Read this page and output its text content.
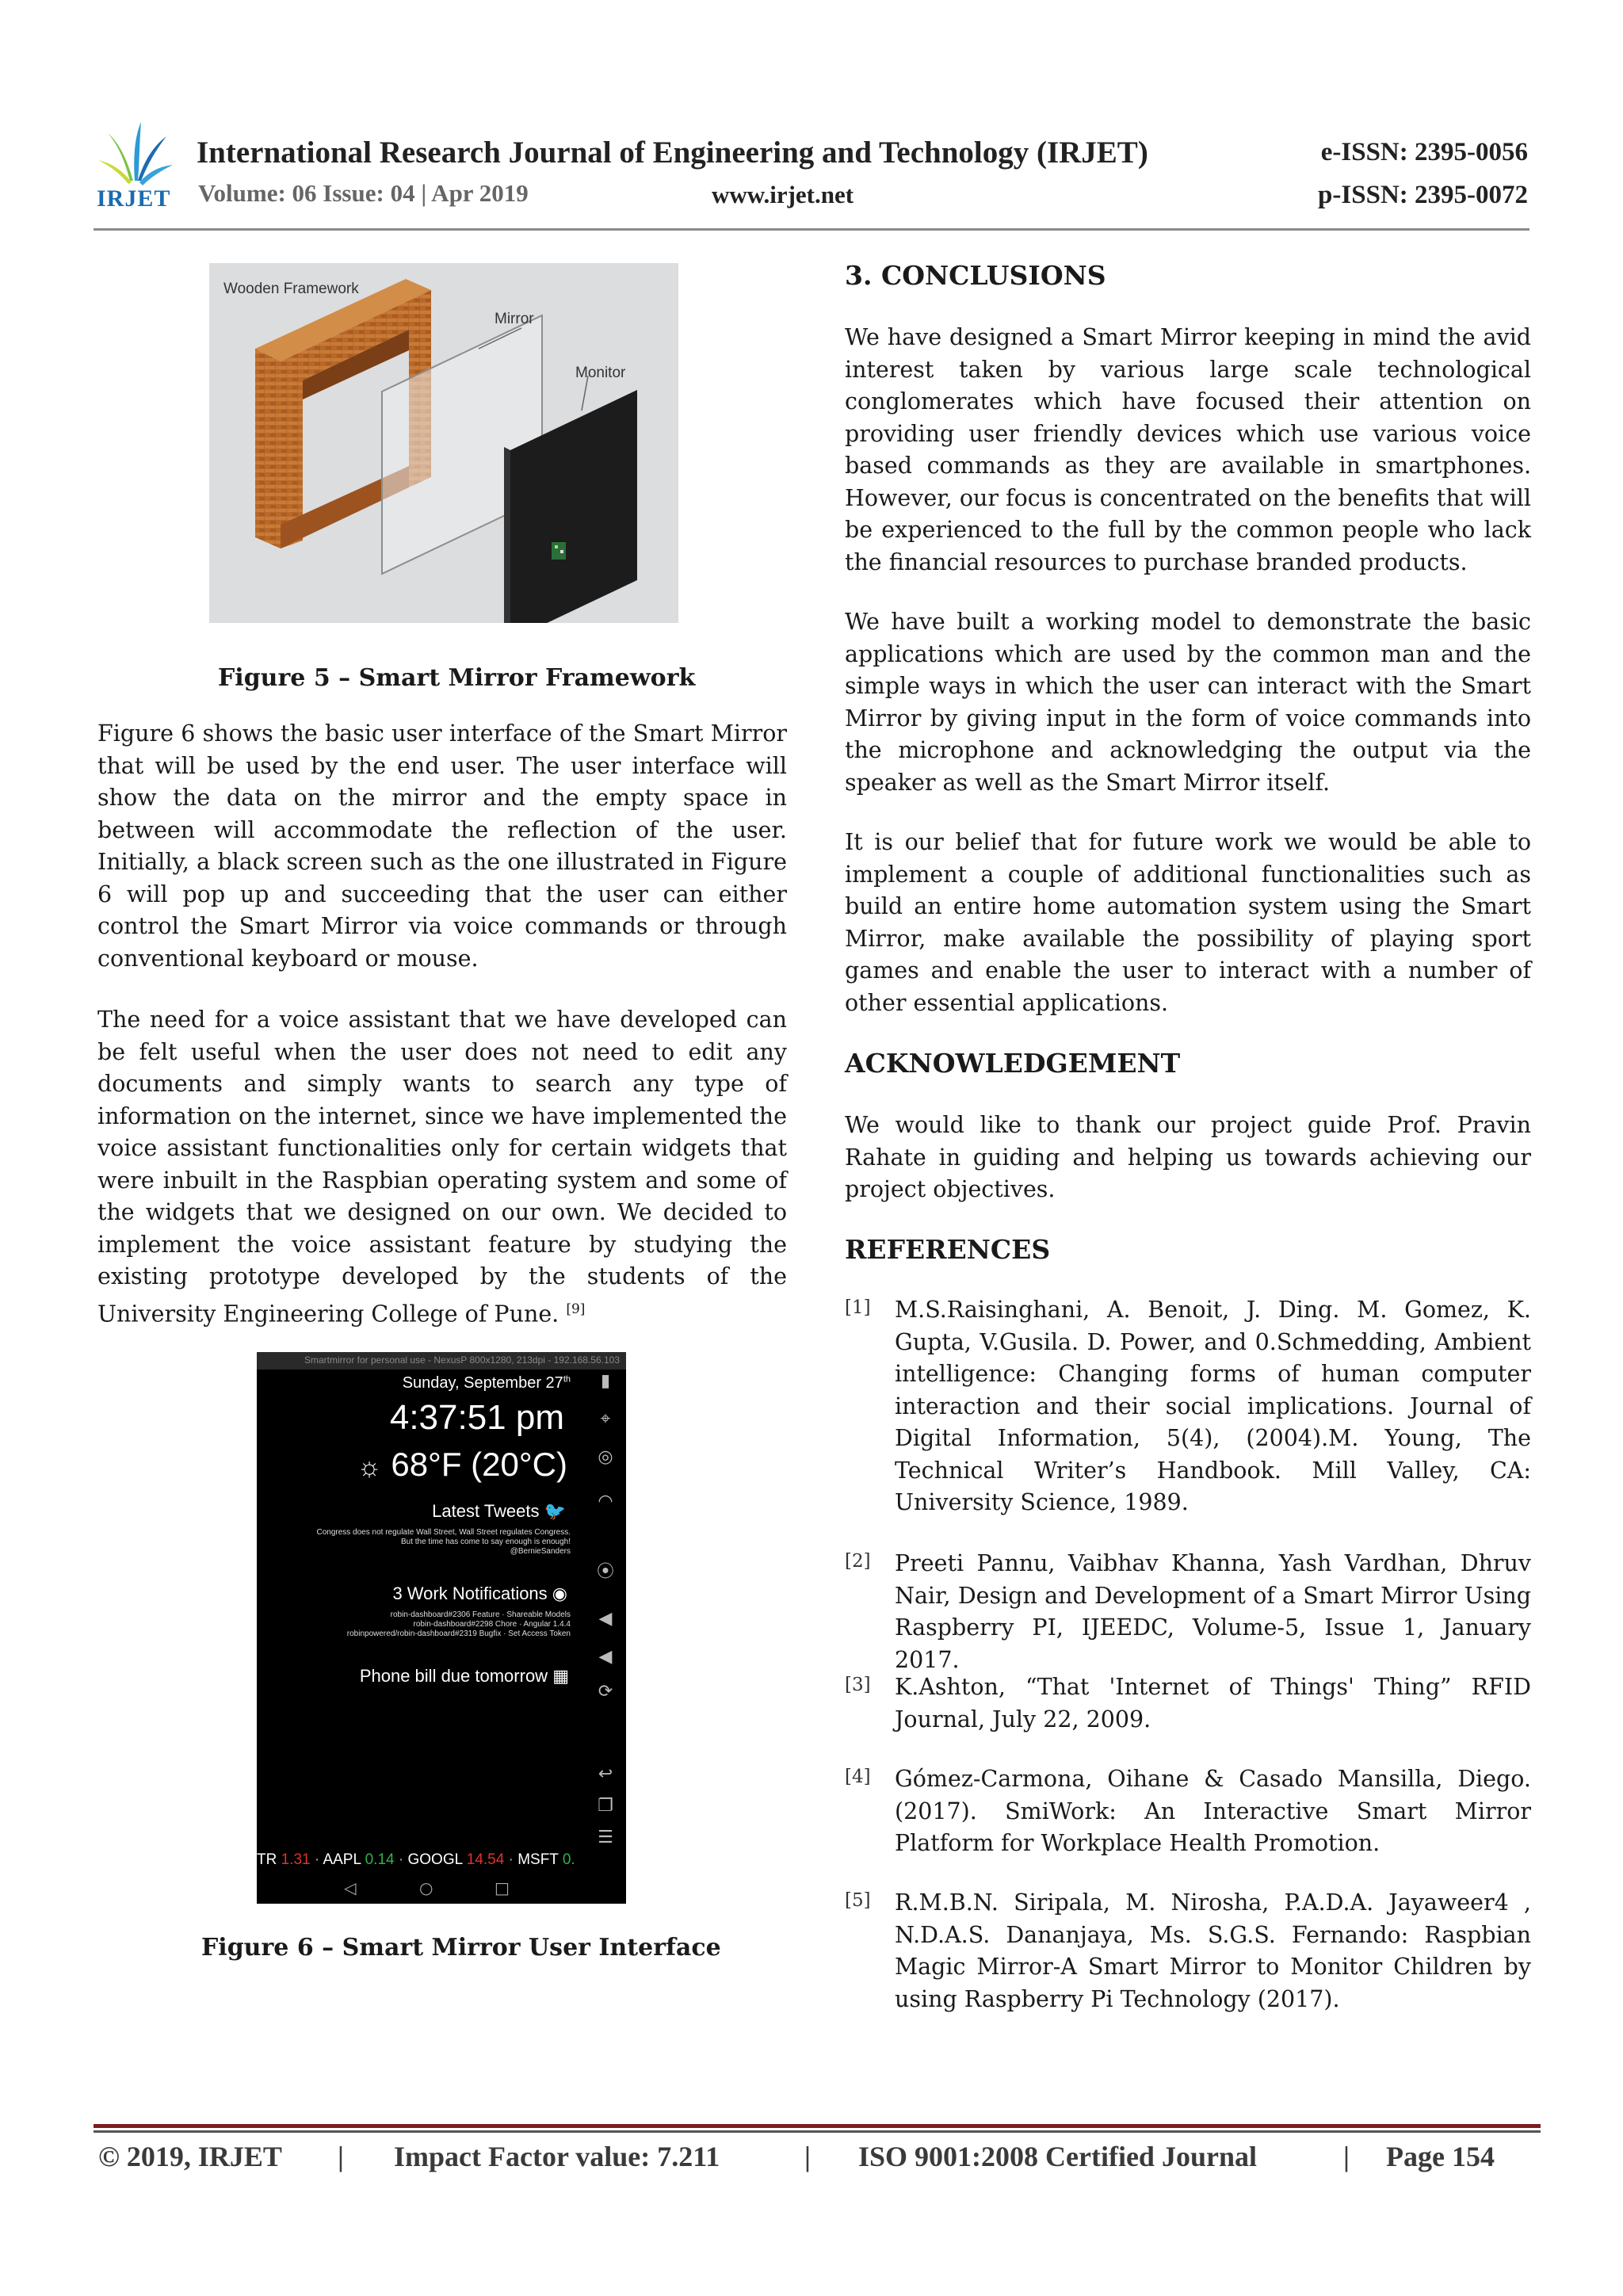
IRJET
International Research Journal of Engineering and Technology (IRJET)	e-ISSN: 2395-0056
Volume: 06 Issue: 04 | Apr 2019	www.irjet.net	p-ISSN: 2395-0072
Wooden Framework
Mirror
Monitor
Figure 5 – Smart Mirror Framework

Figure 6 shows the basic user interface of the Smart Mirror that will be used by the end user. The user interface will show the data on the mirror and the empty space in between will accommodate the reflection of the user. Initially, a black screen such as the one illustrated in Figure 6 will pop up and succeeding that the user can either control the Smart Mirror via voice commands or through conventional keyboard or mouse.

The need for a voice assistant that we have developed can be felt useful when the user does not need to edit any documents and simply wants to search any type of information on the internet, since we have implemented the voice assistant functionalities only for certain widgets that were inbuilt in the Raspbian operating system and some of the widgets that we designed on our own. We decided to implement the voice assistant feature by studying the existing prototype developed by the students of the University Engineering College of Pune. [9]

Smartmirror for personal use - NexusP 800x1280, 213dpi - 192.168.56.103
Sunday, September 27th
4:37:51 pm
☼ 68°F (20°C)
Latest Tweets 🐦
Congress does not regulate Wall Street, Wall Street regulates Congress.
But the time has come to say enough is enough!
@BernieSanders
3 Work Notifications ◉
robin-dashboard#2306 Feature · Shareable Models
robin-dashboard#2298 Chore · Angular 1.4.4
robinpowered/robin-dashboard#2319 Bugfix · Set Access Token
Phone bill due tomorrow ▦
▮
⌖
◎
◠
⦿
◀
◀
⟳
↩
❐
☰
TR 1.31 · AAPL 0.14 · GOOGL 14.54 · MSFT 0.
◁	○	□
Figure 6 – Smart Mirror User Interface
3. CONCLUSIONS

We have designed a Smart Mirror keeping in mind the avid interest taken by various large scale technological conglomerates which have focused their attention on providing user friendly devices which use various voice based commands as they are available in smartphones. However, our focus is concentrated on the benefits that will be experienced to the full by the common people who lack the financial resources to purchase branded products.

We have built a working model to demonstrate the basic applications which are used by the common man and the simple ways in which the user can interact with the Smart Mirror by giving input in the form of voice commands into the microphone and acknowledging the output via the speaker as well as the Smart Mirror itself.

It is our belief that for future work we would be able to implement a couple of additional functionalities such as build an entire home automation system using the Smart Mirror, make available the possibility of playing sport games and enable the user to interact with a number of other essential applications.

ACKNOWLEDGEMENT

We would like to thank our project guide Prof. Pravin Rahate in guiding and helping us towards achieving our project objectives.

REFERENCES
[1] M.S.Raisinghani, A. Benoit, J. Ding. M. Gomez, K. Gupta, V.Gusila. D. Power, and 0.Schmedding, Ambient intelligence: Changing forms of human computer interaction and their social implications. Journal of Digital Information, 5(4), (2004).M. Young, The Technical Writer’s Handbook. Mill Valley, CA: University Science, 1989.

[2] Preeti Pannu, Vaibhav Khanna, Yash Vardhan, Dhruv Nair, Design and Development of a Smart Mirror Using Raspberry PI, IJEEDC, Volume-5, Issue 1, January 2017.

[3] K.Ashton, “That 'Internet of Things' Thing” RFID Journal, July 22, 2009.

[4] Gómez-Carmona, Oihane & Casado Mansilla, Diego. (2017). SmiWork: An Interactive Smart Mirror Platform for Workplace Health Promotion.

[5] R.M.B.N. Siripala, M. Nirosha, P.A.D.A. Jayaweer4 , N.D.A.S. Dananjaya, Ms. S.G.S. Fernando: Raspbian Magic Mirror-A Smart Mirror to Monitor Children by using Raspberry Pi Technology (2017).

© 2019, IRJET | Impact Factor value: 7.211	| ISO 9001:2008 Certified Journal	| Page 154
